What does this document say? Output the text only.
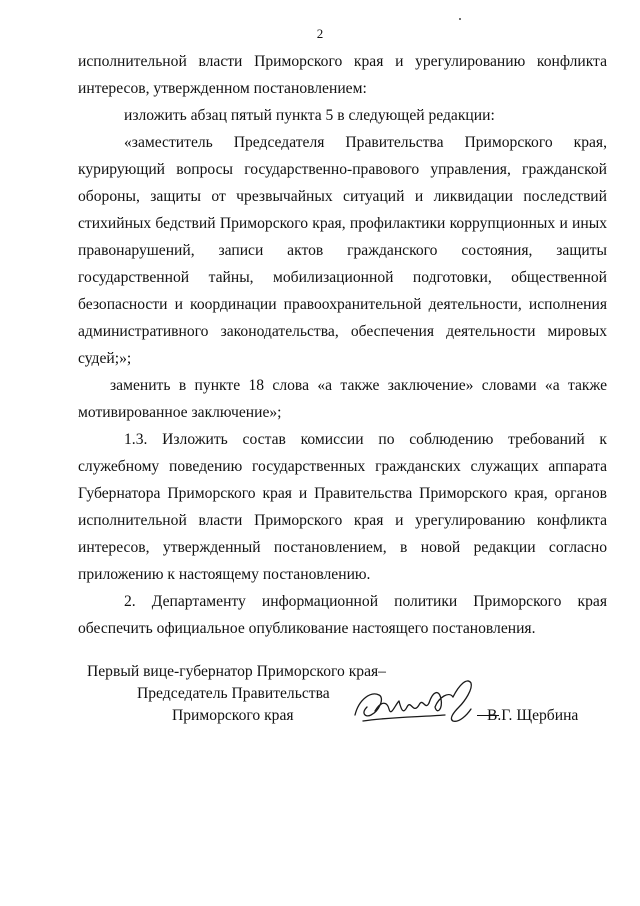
2

исполнительной власти Приморского края и урегулированию конфликта интересов, утвержденном постановлением:

изложить абзац пятый пункта 5 в следующей редакции:

«заместитель Председателя Правительства Приморского края, курирующий вопросы государственно-правового управления, гражданской обороны, защиты от чрезвычайных ситуаций и ликвидации последствий стихийных бедствий Приморского края, профилактики коррупционных и иных правонарушений, записи актов гражданского состояния, защиты государственной тайны, мобилизационной подготовки, общественной безопасности и координации правоохранительной деятельности, исполнения административного законодательства, обеспечения деятельности мировых судей;»;

заменить в пункте 18 слова «а также заключение» словами «а также мотивированное заключение»;

1.3. Изложить состав комиссии по соблюдению требований к служебному поведению государственных гражданских служащих аппарата Губернатора Приморского края и Правительства Приморского края, органов исполнительной власти Приморского края и урегулированию конфликта интересов, утвержденный постановлением, в новой редакции согласно приложению к настоящему постановлению.

2. Департаменту информационной политики Приморского края обеспечить официальное опубликование настоящего постановления.

Первый вице-губернатор Приморского края–
Председатель Правительства
Приморского края	В.Г. Щербина
